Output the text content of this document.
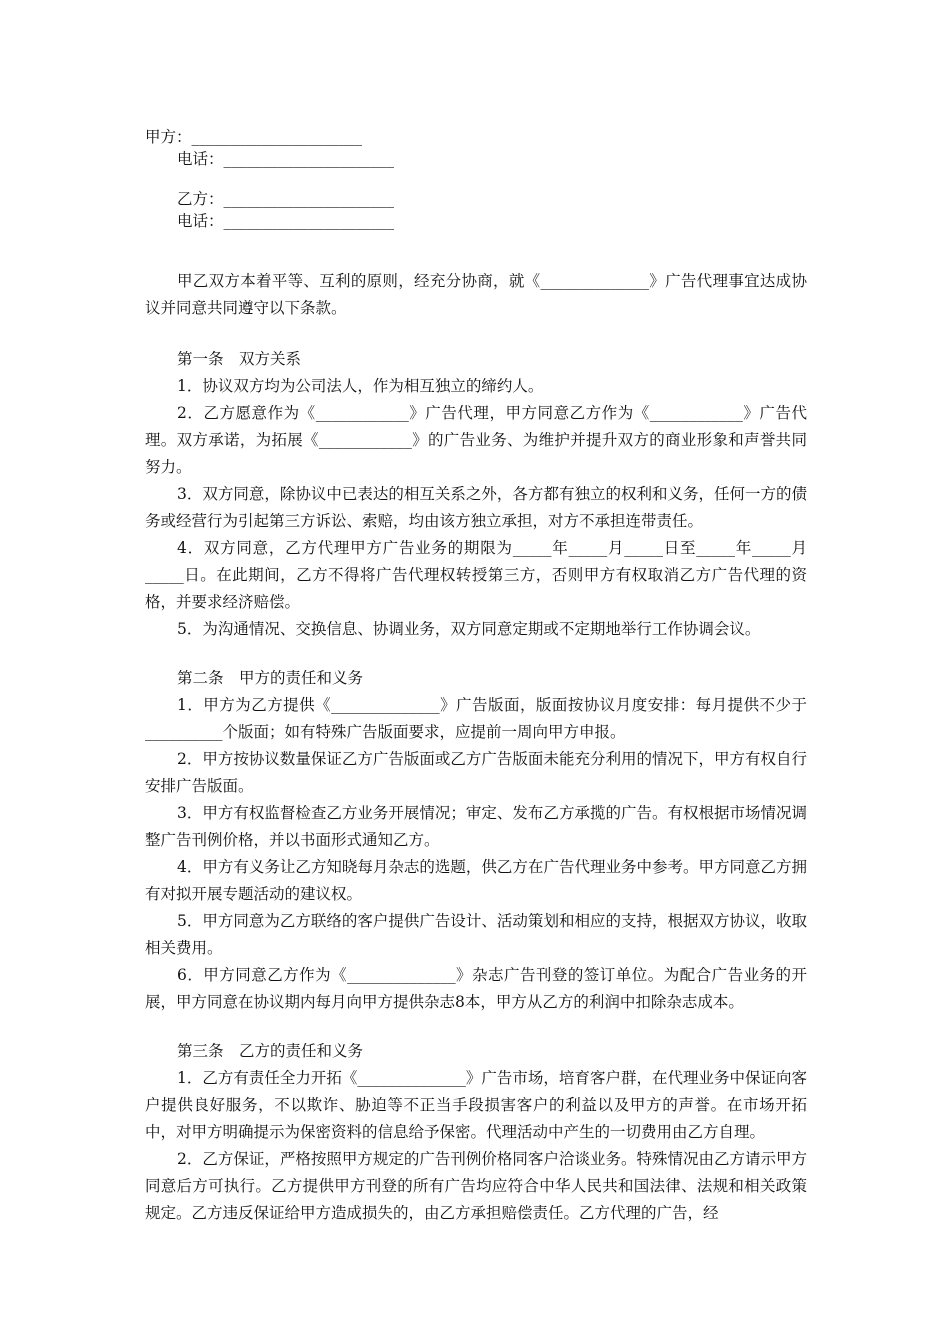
甲方：______________________
电话：______________________
乙方：______________________
电话：______________________

甲乙双方本着平等、互利的原则，经充分协商，就《______________》广告代理事宜达成协议并同意共同遵守以下条款。

第一条　双方关系

1．协议双方均为公司法人，作为相互独立的缔约人。

2．乙方愿意作为《____________》广告代理，甲方同意乙方作为《____________》广告代理。双方承诺，为拓展《____________》的广告业务、为维护并提升双方的商业形象和声誉共同努力。

3．双方同意，除协议中已表达的相互关系之外，各方都有独立的权利和义务，任何一方的债务或经营行为引起第三方诉讼、索赔，均由该方独立承担，对方不承担连带责任。

4．双方同意，乙方代理甲方广告业务的期限为_____年_____月_____日至_____年_____月_____日。在此期间，乙方不得将广告代理权转授第三方，否则甲方有权取消乙方广告代理的资格，并要求经济赔偿。

5．为沟通情况、交换信息、协调业务，双方同意定期或不定期地举行工作协调会议。

第二条　甲方的责任和义务

1．甲方为乙方提供《______________》广告版面，版面按协议月度安排：每月提供不少于__________个版面；如有特殊广告版面要求，应提前一周向甲方申报。

2．甲方按协议数量保证乙方广告版面或乙方广告版面未能充分利用的情况下，甲方有权自行安排广告版面。

3．甲方有权监督检查乙方业务开展情况；审定、发布乙方承揽的广告。有权根据市场情况调整广告刊例价格，并以书面形式通知乙方。

4．甲方有义务让乙方知晓每月杂志的选题，供乙方在广告代理业务中参考。甲方同意乙方拥有对拟开展专题活动的建议权。

5．甲方同意为乙方联络的客户提供广告设计、活动策划和相应的支持，根据双方协议，收取相关费用。

6．甲方同意乙方作为《______________》杂志广告刊登的签订单位。为配合广告业务的开展，甲方同意在协议期内每月向甲方提供杂志8本，甲方从乙方的利润中扣除杂志成本。

第三条　乙方的责任和义务

1．乙方有责任全力开拓《______________》广告市场，培育客户群，在代理业务中保证向客户提供良好服务，不以欺诈、胁迫等不正当手段损害客户的利益以及甲方的声誉。在市场开拓中，对甲方明确提示为保密资料的信息给予保密。代理活动中产生的一切费用由乙方自理。

2．乙方保证，严格按照甲方规定的广告刊例价格同客户洽谈业务。特殊情况由乙方请示甲方同意后方可执行。乙方提供甲方刊登的所有广告均应符合中华人民共和国法律、法规和相关政策规定。乙方违反保证给甲方造成损失的，由乙方承担赔偿责任。乙方代理的广告，经
